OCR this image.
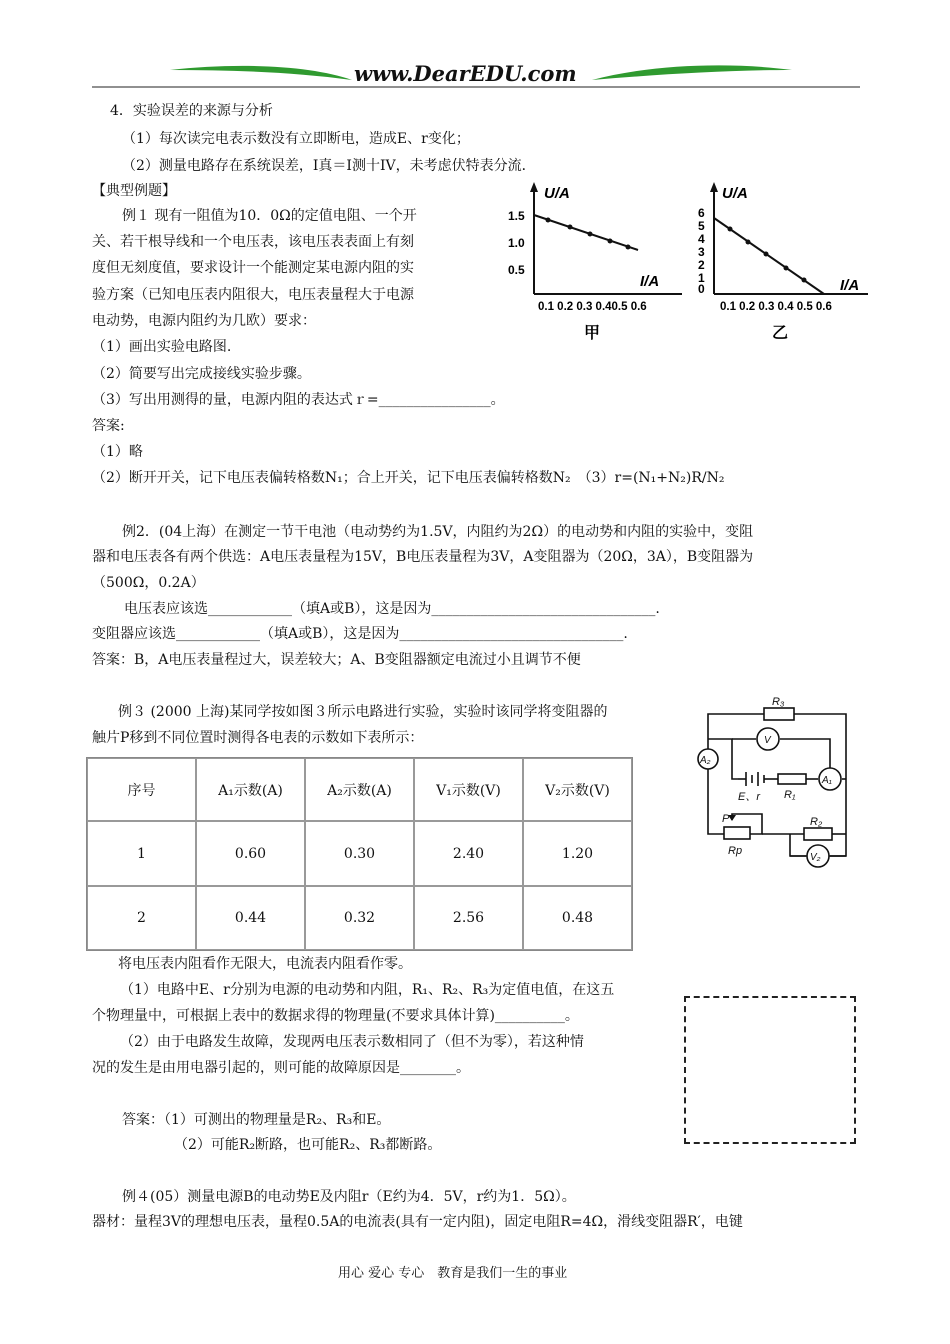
www.DearEDU.com
4．实验误差的来源与分析
（1）每次读完电表示数没有立即断电，造成E、r变化；
（2）测量电路存在系统误差，I真＝I测十IV，未考虑伏特表分流．
【典型例题】
例１ 现有一阻值为10．0Ω的定值电阻、一个开
关、若干根导线和一个电压表，该电压表表面上有刻
度但无刻度值，要求设计一个能测定某电源内阻的实
验方案（已知电压表内阻很大，电压表量程大于电源
电动势，电源内阻约为几欧）要求：
（1）画出实验电路图.
（2）简要写出完成接线实验步骤。
（3）写出用测得的量，电源内阻的表达式ｒ=________________。
答案:
（1）略
（2）断开开关，记下电压表偏转格数N₁；合上开关，记下电压表偏转格数N₂　（3）r=(N₁+N₂)R/N₂
U/A
I/A
1.5
1.0
0.5
0.1 0.2 0.3 0.40.5 0.6
甲
U/A
I/A
6
5
4
3
2
1
0
0.1 0.2 0.3 0.4 0.5 0.6
乙
例2．(04上海）在测定一节干电池（电动势约为1.5V，内阻约为2Ω）的电动势和内阻的实验中，变阻
器和电压表各有两个供选：A电压表量程为15V，B电压表量程为3V，A变阻器为（20Ω，3A），B变阻器为
（500Ω，0.2A）
电压表应该选____________（填A或B），这是因为________________________________.
变阻器应该选____________（填A或B），这是因为________________________________.
答案：B，A电压表量程过大，误差较大；A、B变阻器额定电流过小且调节不便
例３ (2000 上海)某同学按如图３所示电路进行实验，实验时该同学将变阻器的
触片P移到不同位置时测得各电表的示数如下表所示：
序号	A₁示数(A)	A₂示数(A)	V₁示数(V)	V₂示数(V)
1	0.60	0.30	2.40	1.20
2	0.44	0.32	2.56	0.48
R₃
A₂
V
A₁
R₁
E、r
P
Rp
R₂
V₂
将电压表内阻看作无限大，电流表内阻看作零。
（1）电路中E、r分别为电源的电动势和内阻，R₁、R₂、R₃为定值电值，在这五
个物理量中，可根据上表中的数据求得的物理量(不要求具体计算)__________。
（2）由于电路发生故障，发现两电压表示数相同了（但不为零），若这种情
况的发生是由用电器引起的，则可能的故障原因是________。
答案：（1）可测出的物理量是R₂、R₃和E。
（2）可能R₂断路，也可能R₂、R₃都断路。
例４(05）测量电源B的电动势E及内阻r（E约为4．5V，r约为1．5Ω）。
器材：量程3V的理想电压表，量程0.5A的电流表(具有一定内阻)，固定电阻R=4Ω，滑线变阻器R′，电键
用心 爱心 专心　教育是我们一生的事业
